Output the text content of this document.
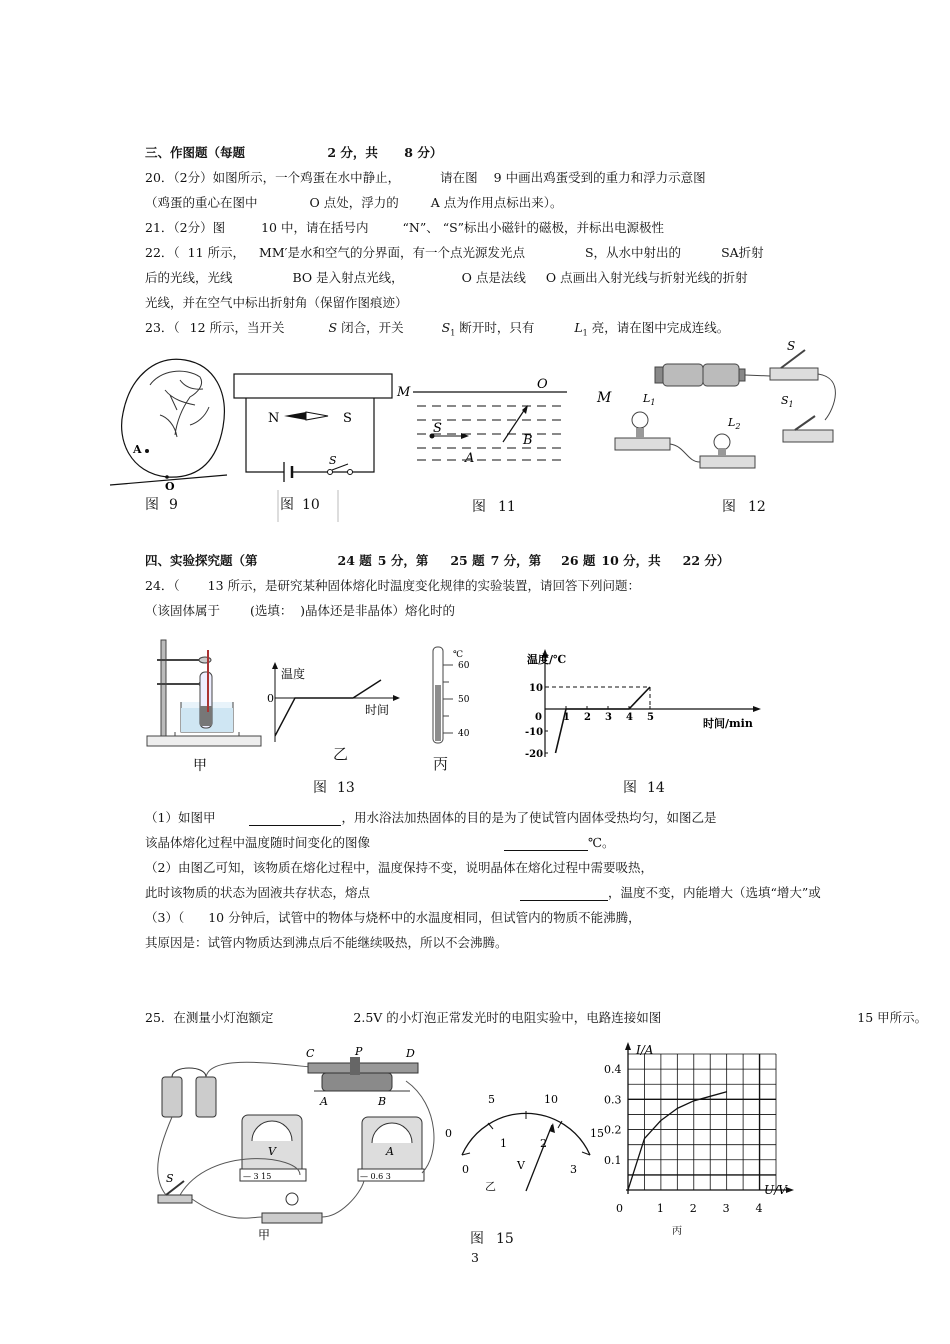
三、作图题（每题	2 分，共 8 分）
20．（2分）如图所示，一个鸡蛋在水中静止，	请在图 9 中画出鸡蛋受到的重力和浮力示意图
（鸡蛋的重心在图中	O 点处，浮力的	A 点为作用点标出来）。
21．（2分）图	10 中，请在括号内	“N”、 “S”标出小磁针的磁极，并标出电源极性
22．（ 11 所示， MM′是水和空气的分界面，有一个点光源发光点	S，从水中射出的	SA折射
后的光线，光线	BO 是入射点光线，	O 点是法线 O 点画出入射光线与折射光线的折射
光线，并在空气中标出折射角（保留作图痕迹）
23．（ 12 所示，当开关	S 闭合，开关	$S_1$ 断开时，只有	$L_1$ 亮，请在图中完成连线。
A
O
图 9
N	S
S
图 10
M
O
S
B
A
图 11
M	$L_1$
$L_2$
S
$S_1$
图 12
四、实验探究题（第	24 题 5 分，第 25 题 7 分，第 26 题 10 分，共 22 分）
24．（ 13 所示，是研究某种固体熔化时温度变化规律的实验装置，请回答下列问题：
（该固体属于 (选填： )晶体还是非晶体）熔化时的
甲
温度
0
时间
乙
℃
60
50
40
丙
图 13
温度/℃
时间/min
0 1 2 3 4 5
10
-10
-20
图 14
（1）如图甲	，用水浴法加热固体的目的是为了使试管内固体受热均匀，如图乙是
该晶体熔化过程中温度随时间变化的图像	℃。
（2）由图乙可知，该物质在熔化过程中，温度保持不变，说明晶体在熔化过程中需要吸热，
此时该物质的状态为固液共存状态，熔点	，温度不变，内能增大（选填“增大”或
（3）（ 10 分钟后，试管中的物体与烧杯中的水温度相同，但试管内的物质不能沸腾，
其原因是：试管内物质达到沸点后不能继续吸热，所以不会沸腾。
25．在测量小灯泡额定	2.5V 的小灯泡正常发光时的电阻实验中，电路连接如图	15 甲所示。
C	P	D
A	B
V
— 3 15
A
— 0.6 3
S
甲
0
5	10
15
0
1	2
3
V
乙
图 15
0	1 2 3 4
0.1
0.2
0.3
0.4
I/A
U/V
丙
3
